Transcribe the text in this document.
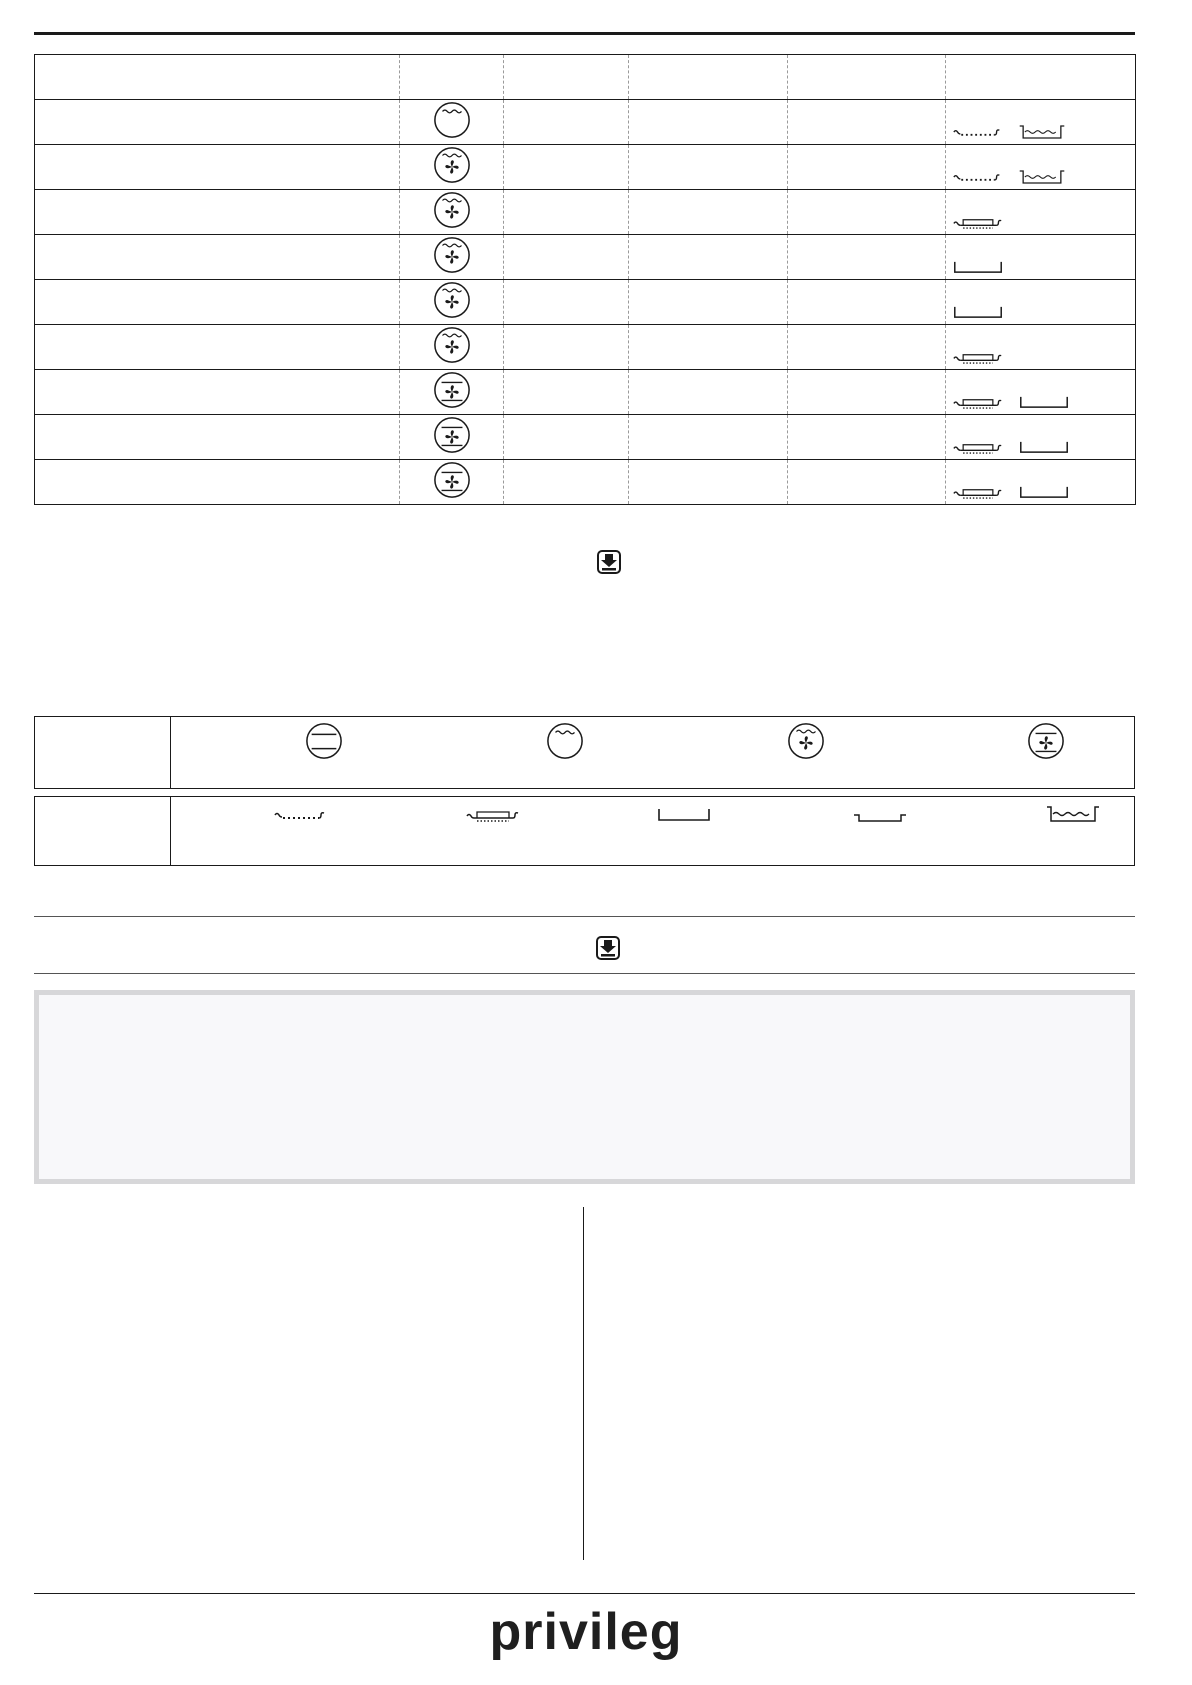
privileg
